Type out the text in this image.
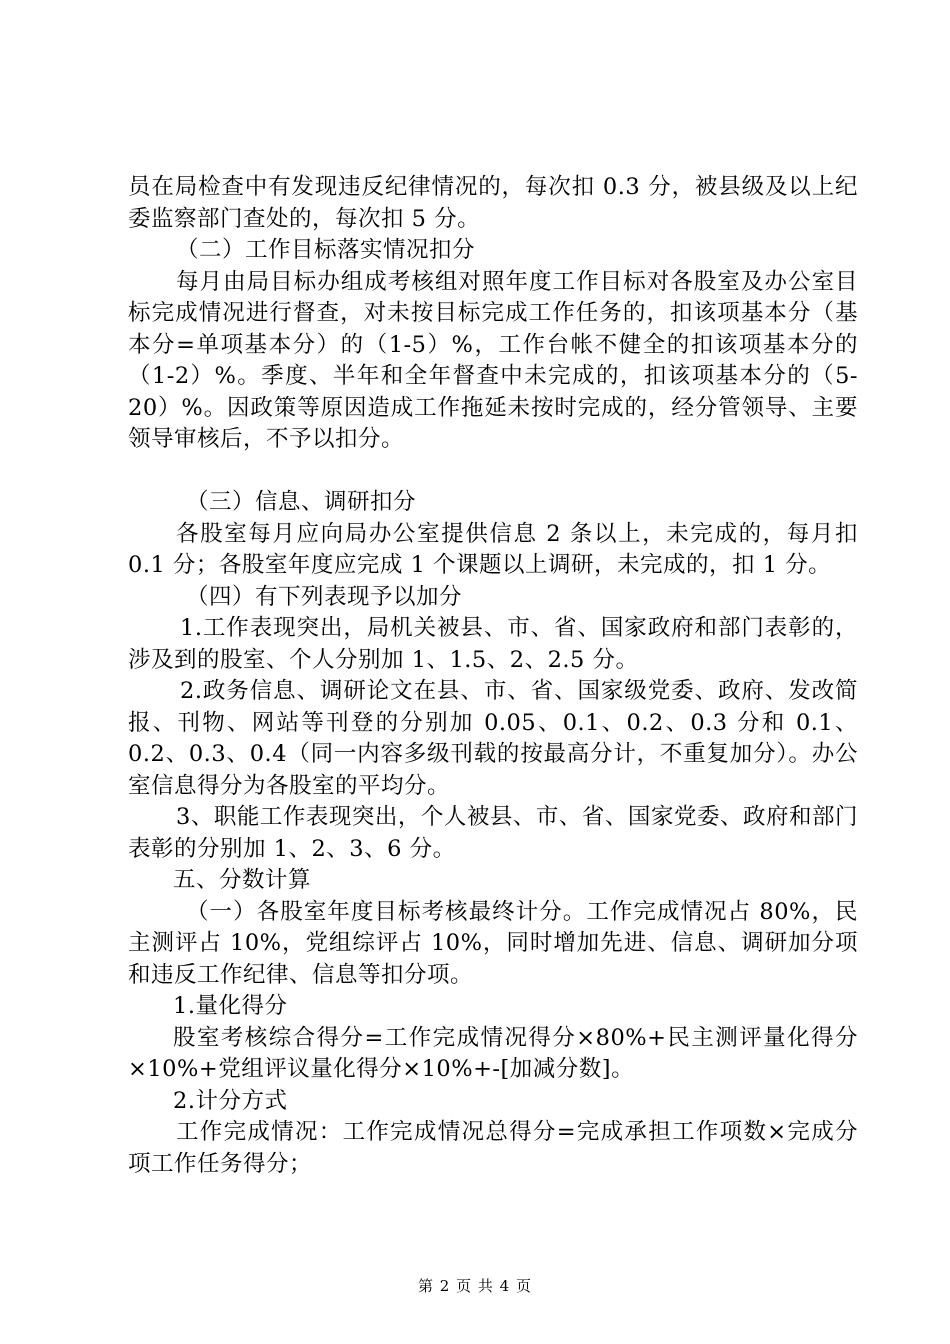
员在局检查中有发现违反纪律情况的，每次扣 0.3 分，被县级及以上纪委监察部门查处的，每次扣 5 分。

（二）工作目标落实情况扣分

每月由局目标办组成考核组对照年度工作目标对各股室及办公室目标完成情况进行督查，对未按目标完成工作任务的，扣该项基本分（基本分=单项基本分）的（1-5）%，工作台帐不健全的扣该项基本分的（1-2）%。季度、半年和全年督查中未完成的，扣该项基本分的（5-20）%。因政策等原因造成工作拖延未按时完成的，经分管领导、主要领导审核后，不予以扣分。

（三）信息、调研扣分

各股室每月应向局办公室提供信息 2 条以上，未完成的，每月扣 0.1 分；各股室年度应完成 1 个课题以上调研，未完成的，扣 1 分。

（四）有下列表现予以加分

1.工作表现突出，局机关被县、市、省、国家政府和部门表彰的，涉及到的股室、个人分别加 1、1.5、2、2.5 分。

2.政务信息、调研论文在县、市、省、国家级党委、政府、发改简报、刊物、网站等刊登的分别加 0.05、0.1、0.2、0.3 分和 0.1、0.2、0.3、0.4（同一内容多级刊载的按最高分计，不重复加分）。办公室信息得分为各股室的平均分。

3、职能工作表现突出，个人被县、市、省、国家党委、政府和部门表彰的分别加 1、2、3、6 分。

五、分数计算

（一）各股室年度目标考核最终计分。工作完成情况占 80%，民主测评占 10%，党组综评占 10%，同时增加先进、信息、调研加分项和违反工作纪律、信息等扣分项。

1.量化得分

股室考核综合得分=工作完成情况得分×80%+民主测评量化得分×10%+党组评议量化得分×10%+-[加减分数]。

2.计分方式

工作完成情况：工作完成情况总得分=完成承担工作项数×完成分项工作任务得分；

第 2 页 共 4 页
